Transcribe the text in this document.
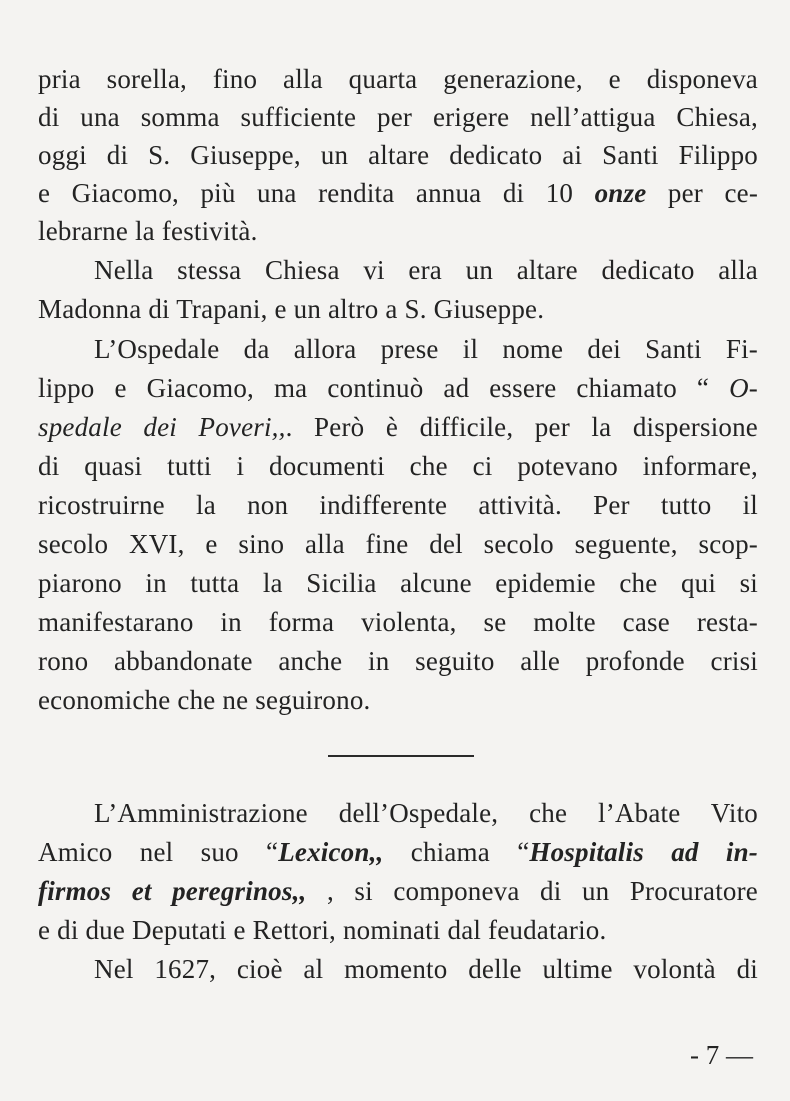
pria sorella, fino alla quarta generazione, e disponeva
di una somma sufficiente per erigere nell’attigua Chiesa,
oggi di S. Giuseppe, un altare dedicato ai Santi Filippo
e Giacomo, più una rendita annua di 10 onze per ce-
lebrarne la festività.
Nella stessa Chiesa vi era un altare dedicato alla
Madonna di Trapani, e un altro a S. Giuseppe.
L’Ospedale da allora prese il nome dei Santi Fi-
lippo e Giacomo, ma continuò ad essere chiamato “ O-
spedale dei Poveri,,. Però è difficile, per la dispersione
di quasi tutti i documenti che ci potevano informare,
ricostruirne la non indifferente attività. Per tutto il
secolo XVI, e sino alla fine del secolo seguente, scop-
piarono in tutta la Sicilia alcune epidemie che qui si
manifestarano in forma violenta, se molte case resta-
rono abbandonate anche in seguito alle profonde crisi
economiche che ne seguirono.
L’Amministrazione dell’Ospedale, che l’Abate Vito
Amico nel suo “Lexicon,, chiama “Hospitalis ad in-
firmos et peregrinos,, , si componeva di un Procuratore
e di due Deputati e Rettori, nominati dal feudatario.
Nel 1627, cioè al momento delle ultime volontà di
- 7 —
